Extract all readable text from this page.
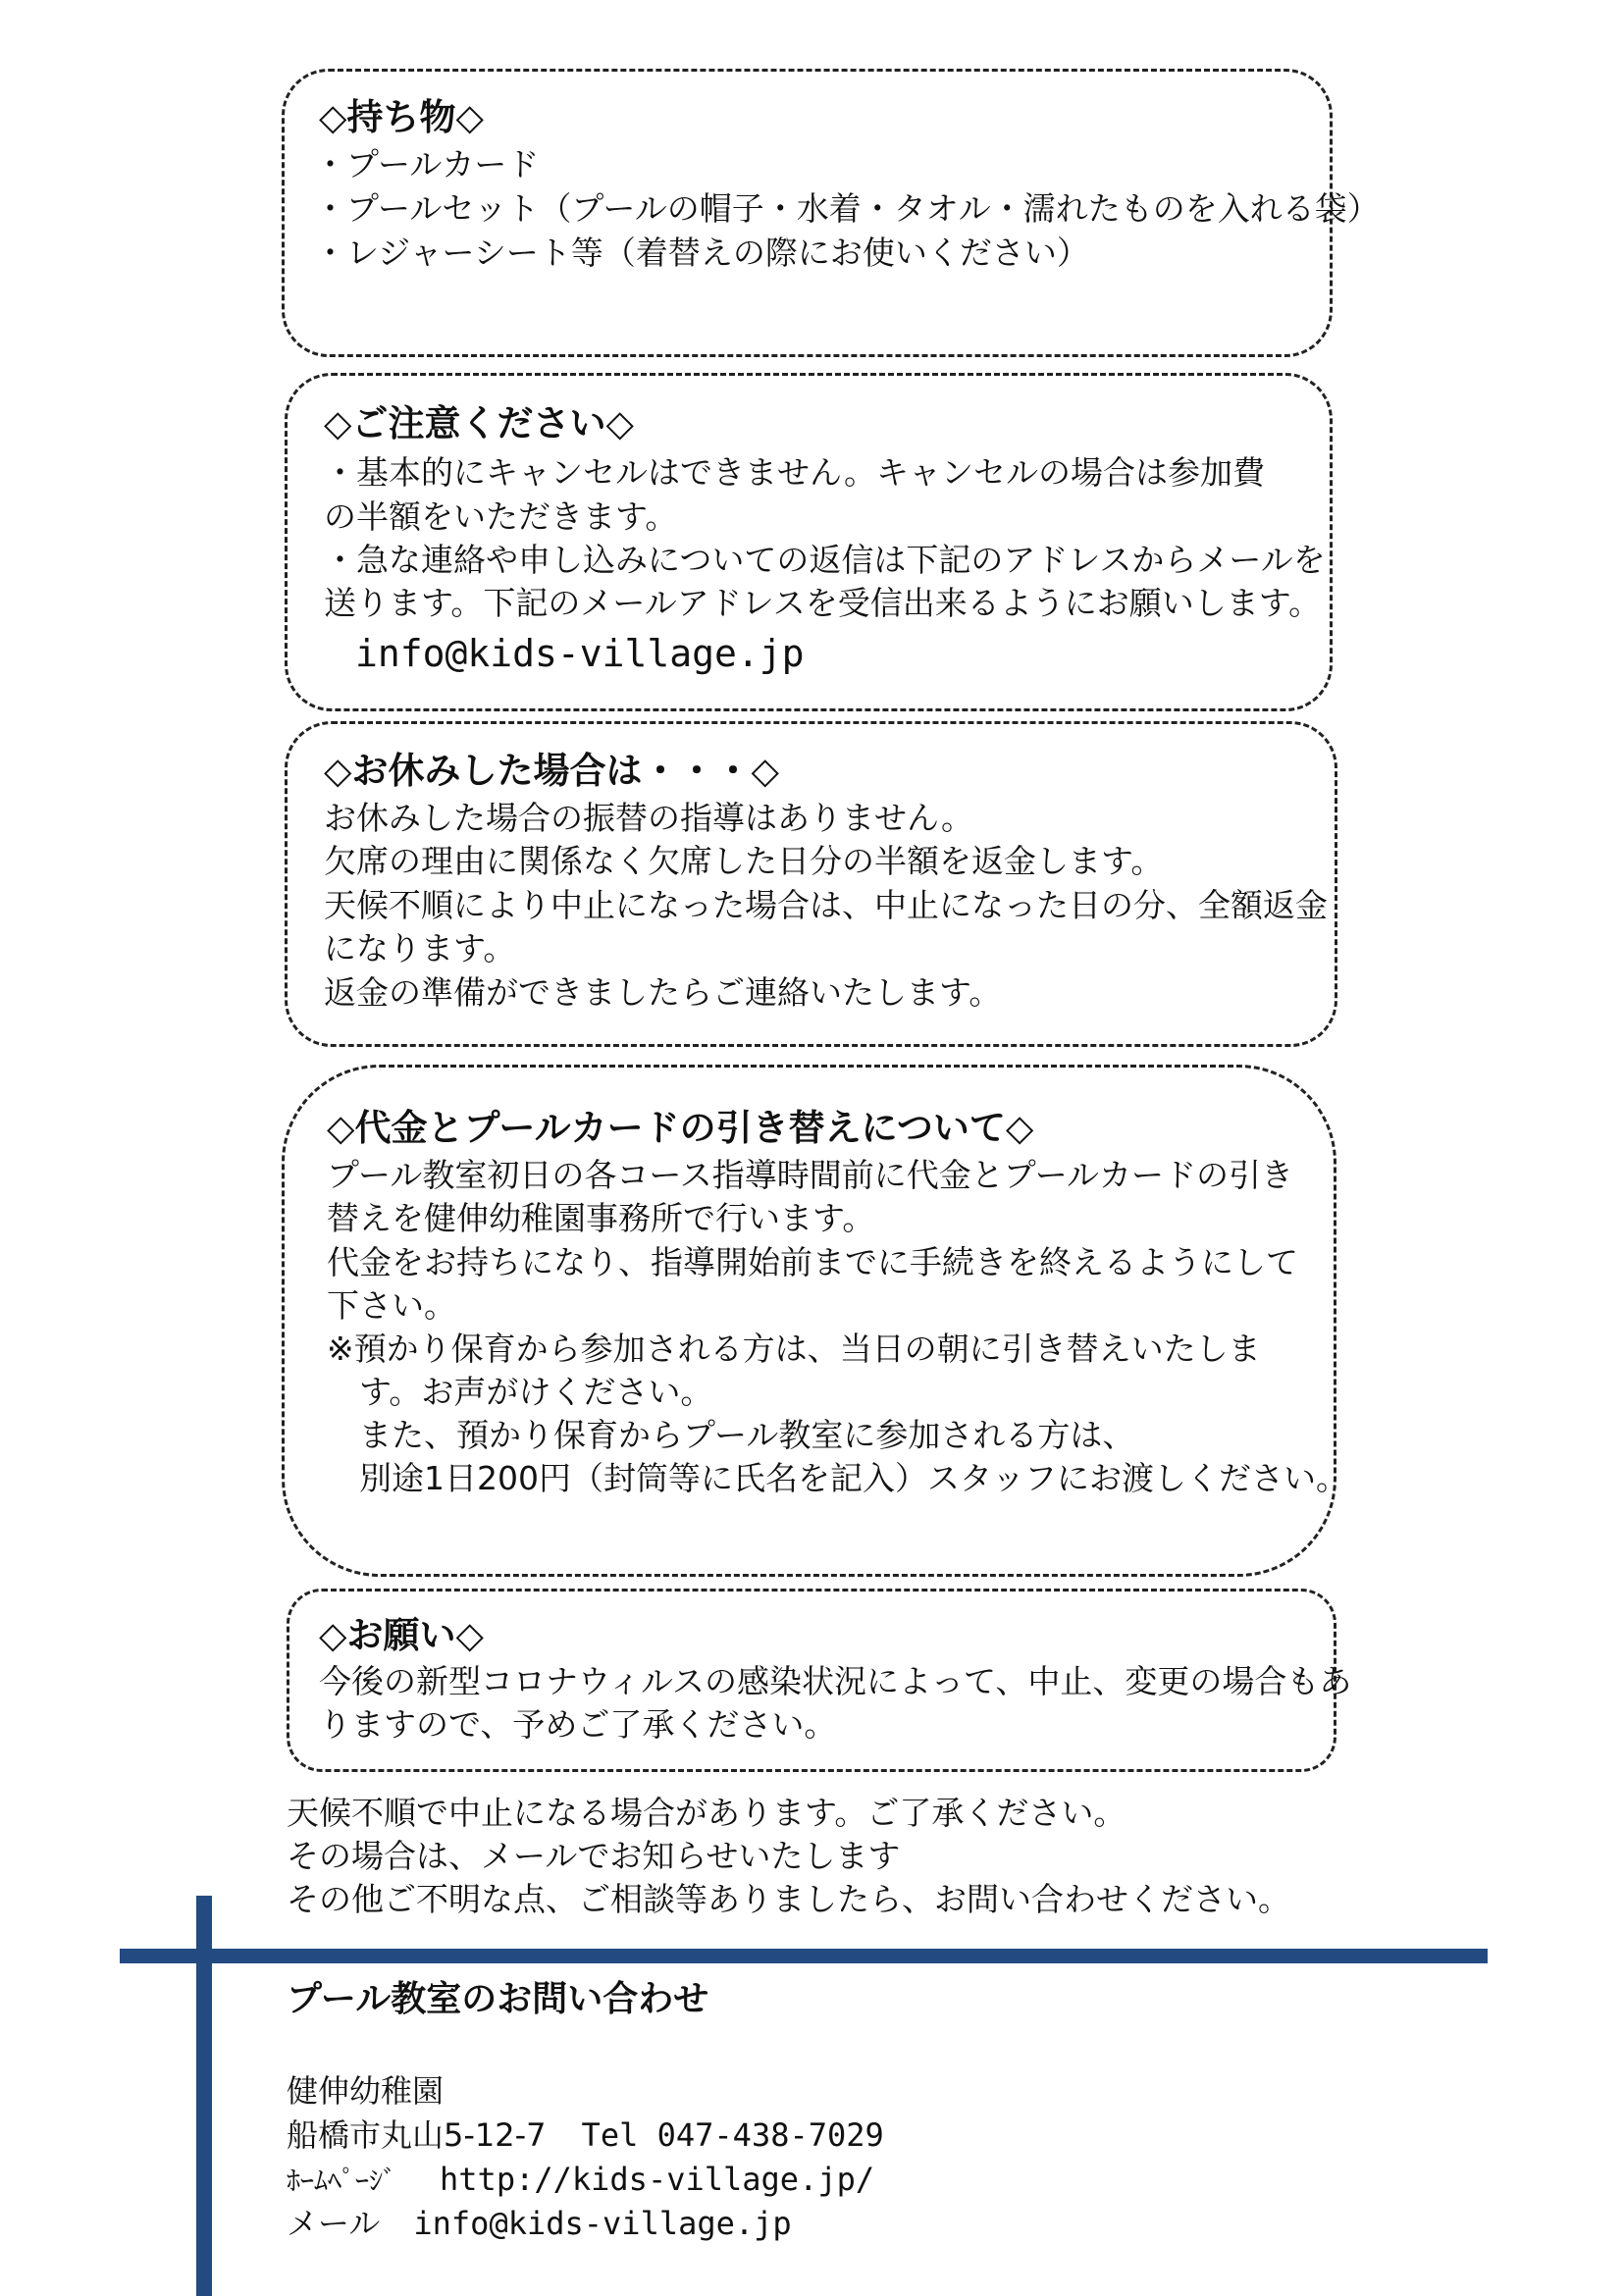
◇持ち物◇
・プールカード
・プールセット（プールの帽子・水着・タオル・濡れたものを入れる袋）
・レジャーシート等（着替えの際にお使いください）
◇ご注意ください◇
・基本的にキャンセルはできません。キャンセルの場合は参加費
の半額をいただきます。
・急な連絡や申し込みについての返信は下記のアドレスからメールを
送ります。下記のメールアドレスを受信出来るようにお願いします。
info@kids-village.jp
◇お休みした場合は・・・◇
お休みした場合の振替の指導はありません。
欠席の理由に関係なく欠席した日分の半額を返金します。
天候不順により中止になった場合は、中止になった日の分、全額返金
になります。
返金の準備ができましたらご連絡いたします。
◇代金とプールカードの引き替えについて◇
プール教室初日の各コース指導時間前に代金とプールカードの引き
替えを健伸幼稚園事務所で行います。
代金をお持ちになり、指導開始前までに手続きを終えるようにして
下さい。
※預かり保育から参加される方は、当日の朝に引き替えいたしま
　す。お声がけください。
　また、預かり保育からプール教室に参加される方は、
　別途1日200円（封筒等に氏名を記入）スタッフにお渡しください。
◇お願い◇
今後の新型コロナウィルスの感染状況によって、中止、変更の場合もあ
りますので、予めご了承ください。
天候不順で中止になる場合があります。ご了承ください。
その場合は、メールでお知らせいたします
その他ご不明な点、ご相談等ありましたら、お問い合わせください。
プール教室のお問い合わせ
健伸幼稚園
船橋市丸山5-12-7 Tel 047-438-7029
ﾎｰﾑﾍﾟｰｼﾞ http://kids-village.jp/
メール info@kids-village.jp
